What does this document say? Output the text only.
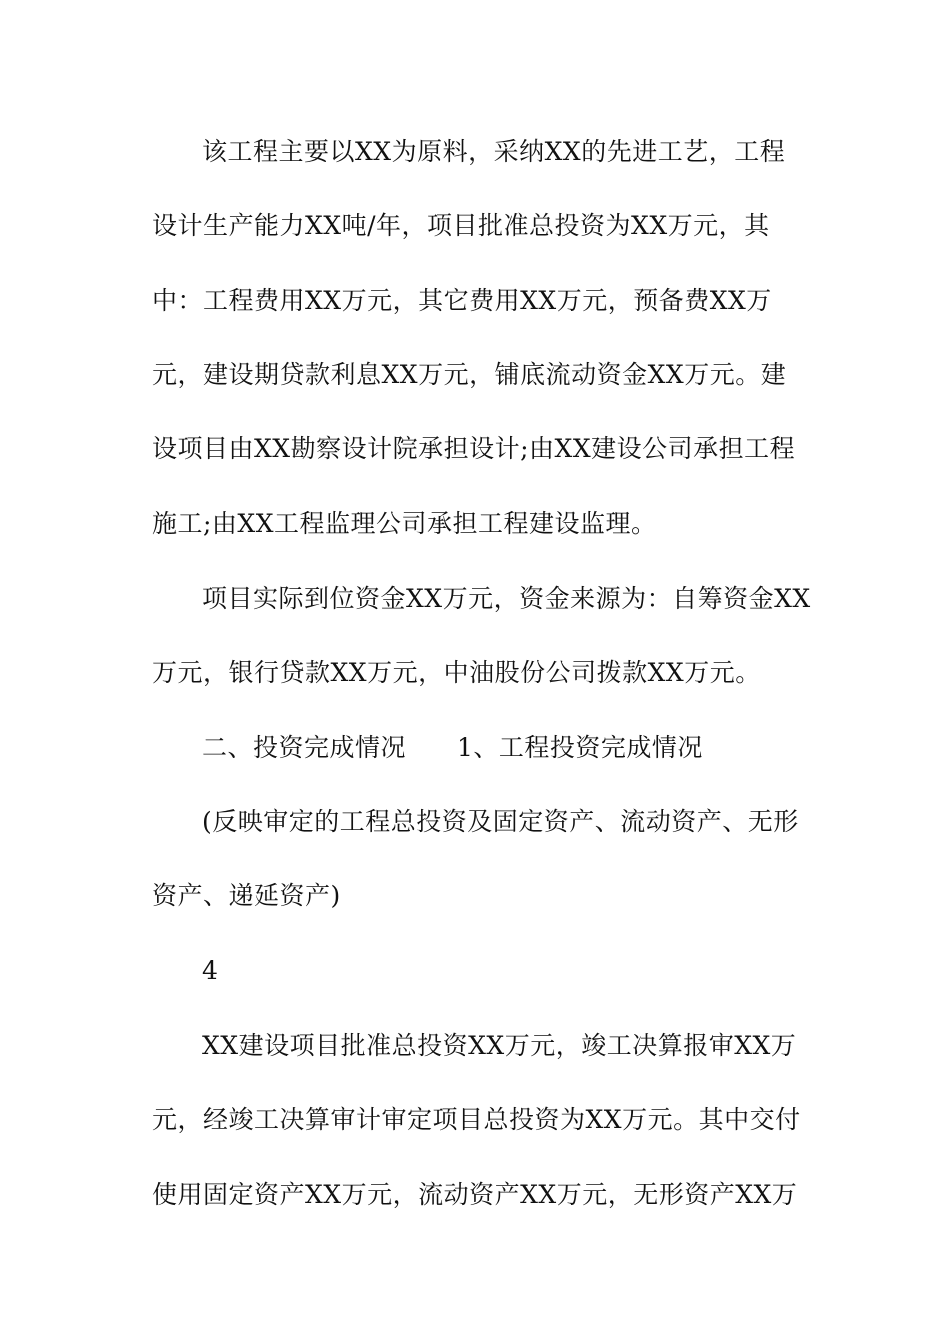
该工程主要以XX为原料，采纳XX的先进工艺，工程
设计生产能力XX吨/年，项目批准总投资为XX万元，其
中：工程费用XX万元，其它费用XX万元，预备费XX万
元，建设期贷款利息XX万元，铺底流动资金XX万元。建
设项目由XX勘察设计院承担设计;由XX建设公司承担工程
施工;由XX工程监理公司承担工程建设监理。
项目实际到位资金XX万元，资金来源为：自筹资金XX
万元，银行贷款XX万元，中油股份公司拨款XX万元。
二、投资完成情况　　1、工程投资完成情况
(反映审定的工程总投资及固定资产、流动资产、无形
资产、递延资产)
4
XX建设项目批准总投资XX万元，竣工决算报审XX万
元，经竣工决算审计审定项目总投资为XX万元。其中交付
使用固定资产XX万元，流动资产XX万元，无形资产XX万
